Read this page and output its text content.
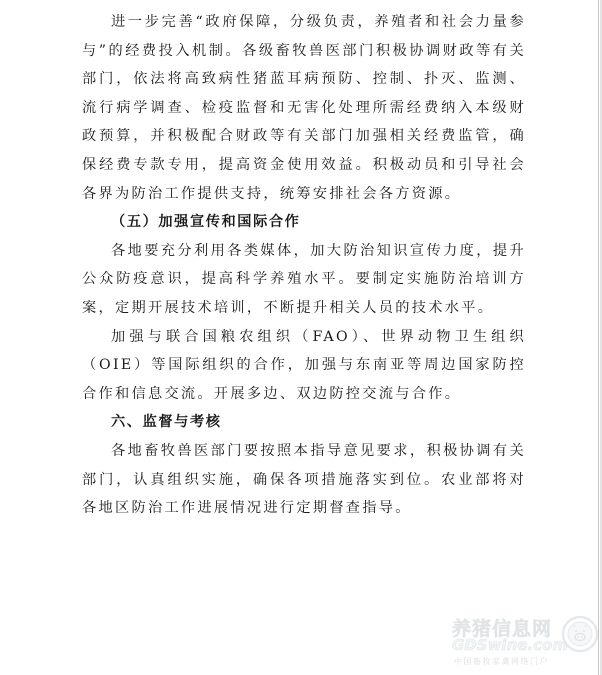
进一步完善“政府保障，分级负责，养殖者和社会力量参与”的经费投入机制。各级畜牧兽医部门积极协调财政等有关部门，依法将高致病性猪蓝耳病预防、控制、扑灭、监测、流行病学调查、检疫监督和无害化处理所需经费纳入本级财政预算，并积极配合财政等有关部门加强相关经费监管，确保经费专款专用，提高资金使用效益。积极动员和引导社会各界为防治工作提供支持，统筹安排社会各方资源。

（五）加强宣传和国际合作

各地要充分利用各类媒体，加大防治知识宣传力度，提升公众防疫意识，提高科学养殖水平。要制定实施防治培训方案，定期开展技术培训，不断提升相关人员的技术水平。

加强与联合国粮农组织（FAO）、世界动物卫生组织（OIE）等国际组织的合作，加强与东南亚等周边国家防控合作和信息交流。开展多边、双边防控交流与合作。

六、监督与考核

各地畜牧兽医部门要按照本指导意见要求，积极协调有关部门，认真组织实施，确保各项措施落实到位。农业部将对各地区防治工作进展情况进行定期督查指导。

养猪信息网
GDSwine.com
中国畜牧家禽网络门户
